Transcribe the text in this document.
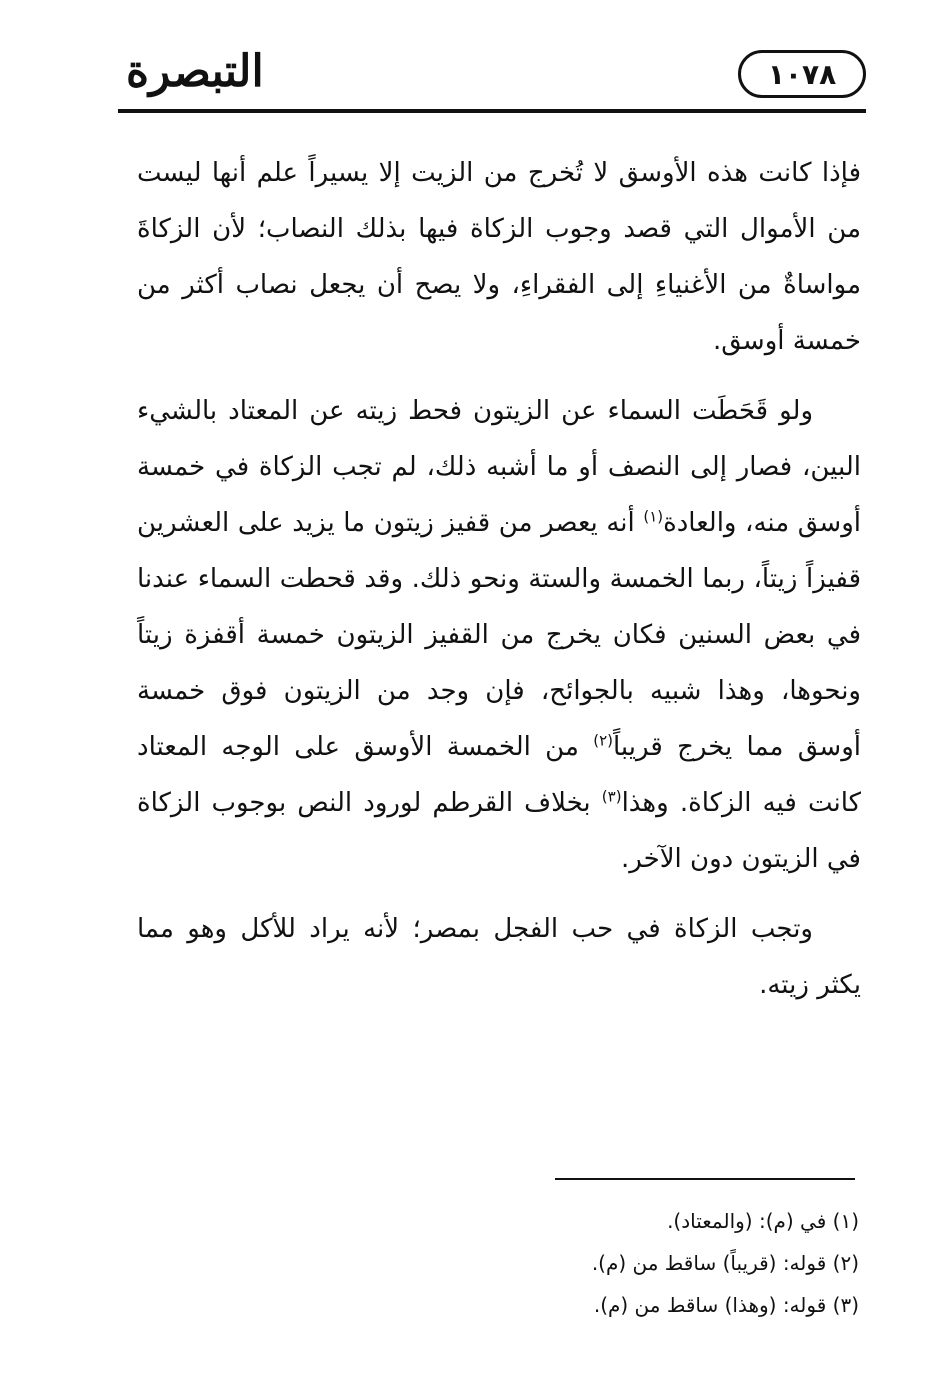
التبصرة	١٠٧٨

فإذا كانت هذه الأوسق لا تُخرج من الزيت إلا يسيراً علم أنها ليست من الأموال التي قصد وجوب الزكاة فيها بذلك النصاب؛ لأن الزكاةَ مواساةٌ من الأغنياءِ إلى الفقراءِ، ولا يصح أن يجعل نصاب أكثر من خمسة أوسق.

ولو قَحَطَت السماء عن الزيتون فحط زيته عن المعتاد بالشيء البين، فصار إلى النصف أو ما أشبه ذلك، لم تجب الزكاة في خمسة أوسق منه، والعادة$^{(١)}$ أنه يعصر من قفيز زيتون ما يزيد على العشرين قفيزاً زيتاً، ربما الخمسة والستة ونحو ذلك. وقد قحطت السماء عندنا في بعض السنين فكان يخرج من القفيز الزيتون خمسة أقفزة زيتاً ونحوها، وهذا شبيه بالجوائح، فإن وجد من الزيتون فوق خمسة أوسق مما يخرج قريباً$^{(٢)}$ من الخمسة الأوسق على الوجه المعتاد كانت فيه الزكاة. وهذا$^{(٣)}$ بخلاف القرطم لورود النص بوجوب الزكاة في الزيتون دون الآخر.

وتجب الزكاة في حب الفجل بمصر؛ لأنه يراد للأكل وهو مما يكثر زيته.

(١) في (م): (والمعتاد).
(٢) قوله: (قريباً) ساقط من (م).
(٣) قوله: (وهذا) ساقط من (م).
